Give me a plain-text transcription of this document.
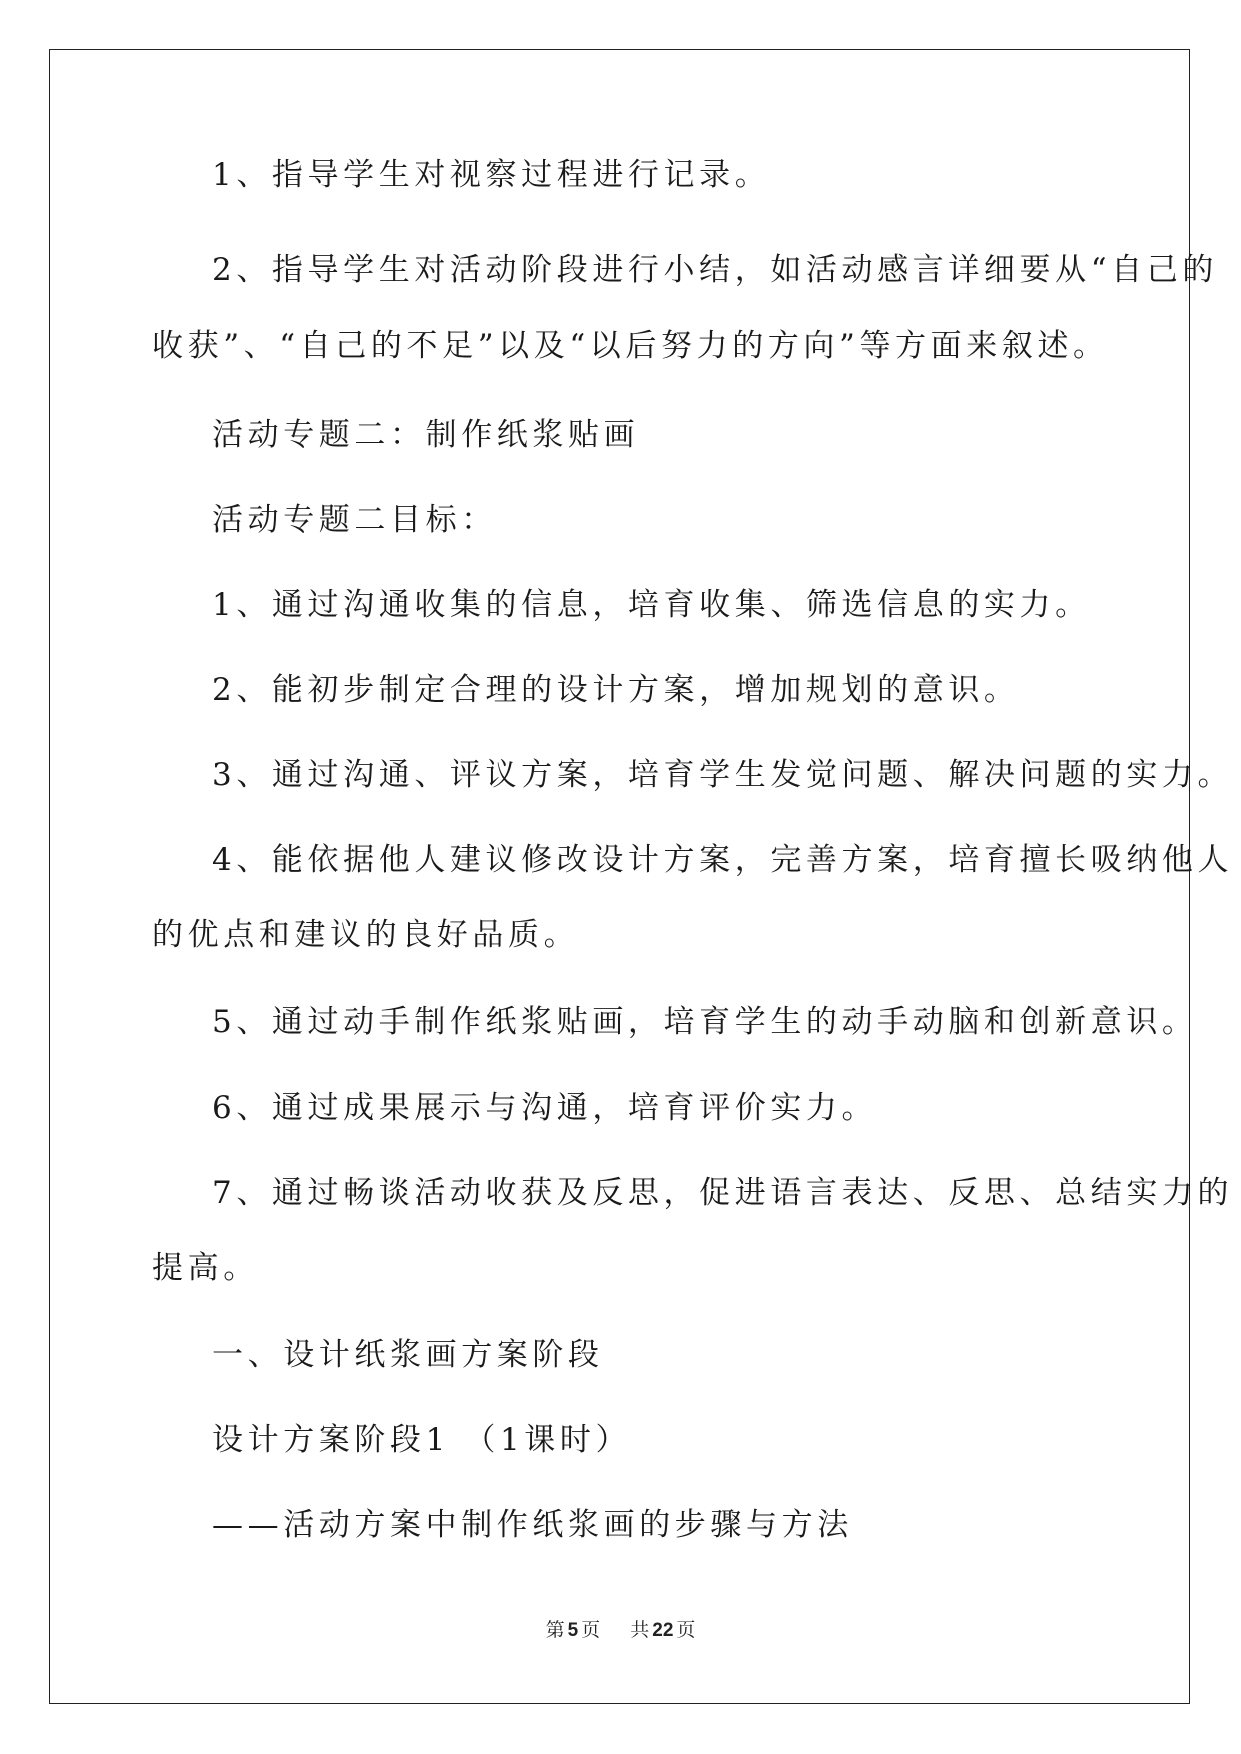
1、指导学生对视察过程进行记录。
2、指导学生对活动阶段进行小结，如活动感言详细要从“自己的
收获”、“自己的不足”以及“以后努力的方向”等方面来叙述。
活动专题二：制作纸浆贴画
活动专题二目标：
1、通过沟通收集的信息，培育收集、筛选信息的实力。
2、能初步制定合理的设计方案，增加规划的意识。
3、通过沟通、评议方案，培育学生发觉问题、解决问题的实力。
4、能依据他人建议修改设计方案，完善方案，培育擅长吸纳他人
的优点和建议的良好品质。
5、通过动手制作纸浆贴画，培育学生的动手动脑和创新意识。
6、通过成果展示与沟通，培育评价实力。
7、通过畅谈活动收获及反思，促进语言表达、反思、总结实力的
提高。
一、设计纸浆画方案阶段
设计方案阶段1 （1课时）
——活动方案中制作纸浆画的步骤与方法
第 5 页 共 22 页
